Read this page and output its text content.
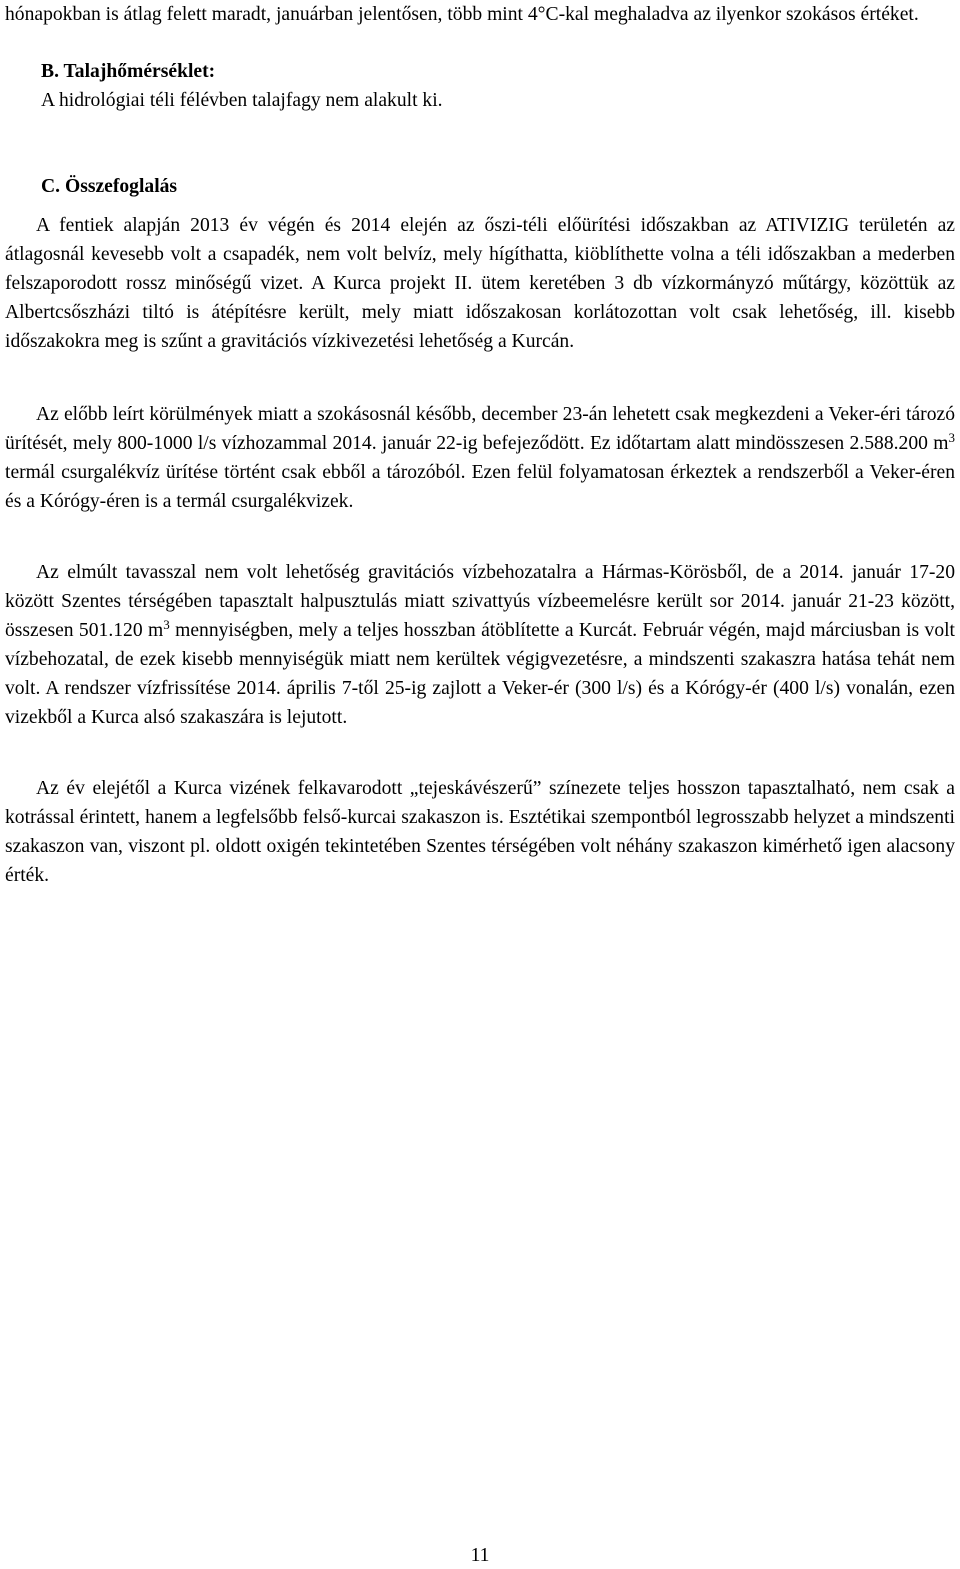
hónapokban is átlag felett maradt, januárban jelentősen, több mint 4°C-kal meghaladva az ilyenkor szokásos értéket.

B. Talajhőmérséklet:

A hidrológiai téli félévben talajfagy nem alakult ki.

C. Összefoglalás

A fentiek alapján 2013 év végén és 2014 elején az őszi-téli előürítési időszakban az ATIVIZIG területén az átlagosnál kevesebb volt a csapadék, nem volt belvíz, mely hígíthatta, kiöblíthette volna a téli időszakban a mederben felszaporodott rossz minőségű vizet. A Kurca projekt II. ütem keretében 3 db vízkormányzó műtárgy, közöttük az Albertcsőszházi tiltó is átépítésre került, mely miatt időszakosan korlátozottan volt csak lehetőség, ill. kisebb időszakokra meg is szűnt a gravitációs vízkivezetési lehetőség a Kurcán.

Az előbb leírt körülmények miatt a szokásosnál később, december 23-án lehetett csak megkezdeni a Veker-éri tározó ürítését, mely 800-1000 l/s vízhozammal 2014. január 22-ig befejeződött. Ez időtartam alatt mindösszesen 2.588.200 $m^3$ termál csurgalékvíz ürítése történt csak ebből a tározóból. Ezen felül folyamatosan érkeztek a rendszerből a Veker-éren és a Kórógy-éren is a termál csurgalékvizek.

Az elmúlt tavasszal nem volt lehetőség gravitációs vízbehozatalra a Hármas-Körösből, de a 2014. január 17-20 között Szentes térségében tapasztalt halpusztulás miatt szivattyús vízbeemelésre került sor 2014. január 21-23 között, összesen 501.120 $m^3$ mennyiségben, mely a teljes hosszban átöblítette a Kurcát. Február végén, majd márciusban is volt vízbehozatal, de ezek kisebb mennyiségük miatt nem kerültek végigvezetésre, a mindszenti szakaszra hatása tehát nem volt. A rendszer vízfrissítése 2014. április 7-től 25-ig zajlott a Veker-ér (300 l/s) és a Kórógy-ér (400 l/s) vonalán, ezen vizekből a Kurca alsó szakaszára is lejutott.

Az év elejétől a Kurca vizének felkavarodott „tejeskávészerű” színezete teljes hosszon tapasztalható, nem csak a kotrással érintett, hanem a legfelsőbb felső-kurcai szakaszon is. Esztétikai szempontból legrosszabb helyzet a mindszenti szakaszon van, viszont pl. oldott oxigén tekintetében Szentes térségében volt néhány szakaszon kimérhető igen alacsony érték.

11
